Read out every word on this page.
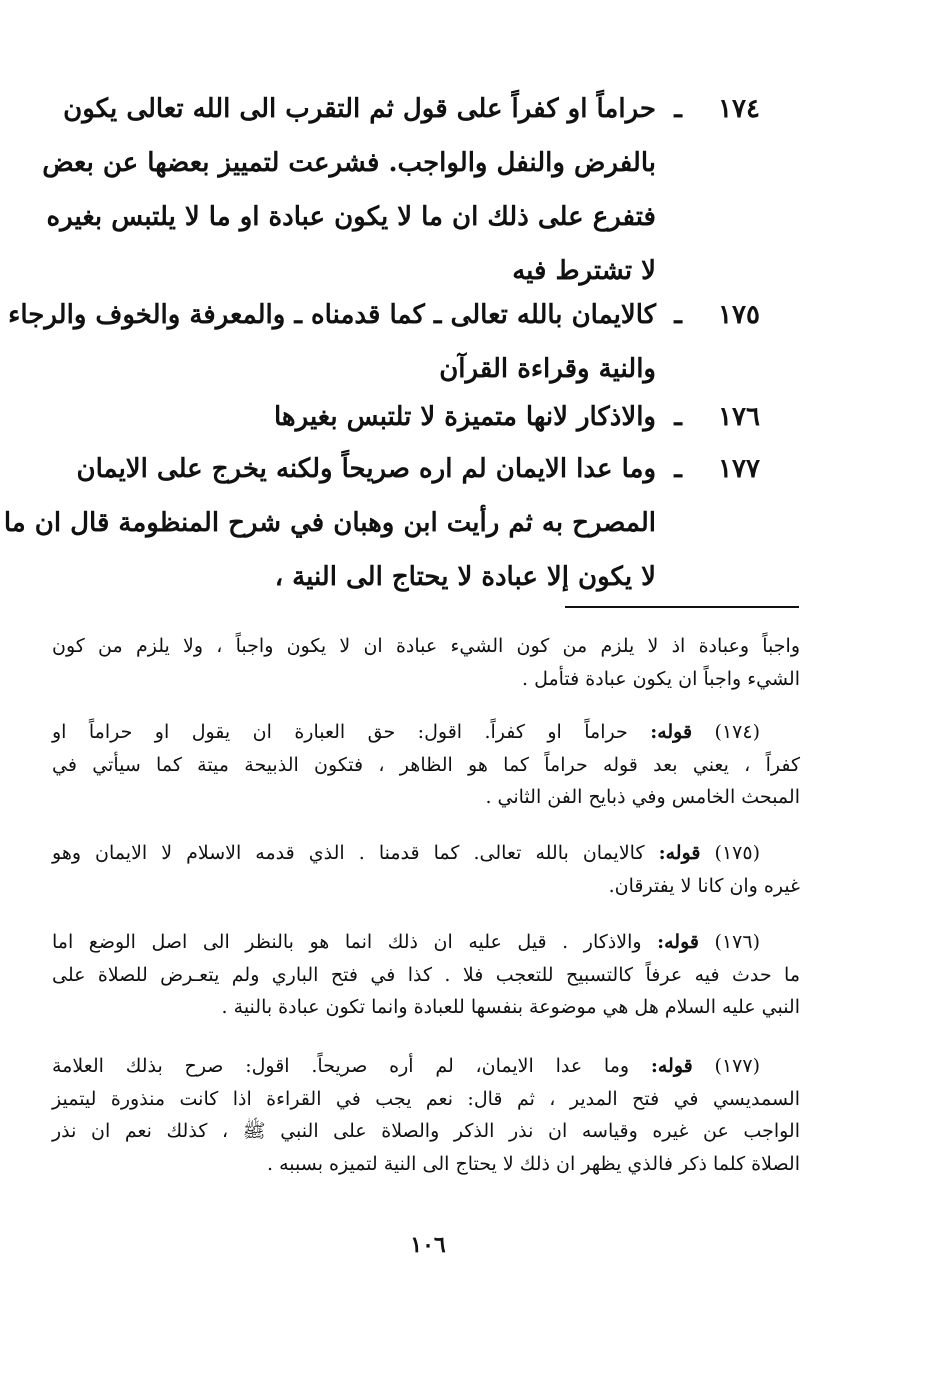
١٧٤
ـ
حراماً او كفراً على قول ثم التقرب الى الله تعالى يكون
بالفرض والنفل والواجب. فشرعت لتمييز بعضها عن بعض
فتفرع على ذلك ان ما لا يكون عبادة او ما لا يلتبس بغيره
لا تشترط فيه
١٧٥
ـ
كالايمان بالله تعالى ـ كما قدمناه ـ والمعرفة والخوف والرجاء
والنية وقراءة القرآن
١٧٦
ـ
والاذكار لانها متميزة لا تلتبس بغيرها
١٧٧
ـ
وما عدا الايمان لم اره صريحاً ولكنه يخرج على الايمان
المصرح به ثم رأيت ابن وهبان في شرح المنظومة قال ان ما
لا يكون إلا عبادة لا يحتاج الى النية ،
واجباً وعبادة اذ لا يلزم من كون الشيء عبادة ان لا يكون واجباً ، ولا يلزم من كون
الشيء واجباً ان يكون عبادة فتأمل .
(١٧٤) قوله: حراماً او كفراً. اقول: حق العبارة ان يقول او حراماً او
كفراً ، يعني بعد قوله حراماً كما هو الظاهر ، فتكون الذبيحة ميتة كما سيأتي في
المبحث الخامس وفي ذبايح الفن الثاني .
(١٧٥) قوله: كالايمان بالله تعالى. كما قدمنا . الذي قدمه الاسلام لا الايمان وهو
غيره وان كانا لا يفترقان.
(١٧٦) قوله: والاذكار . قيل عليه ان ذلك انما هو بالنظر الى اصل الوضع اما
ما حدث فيه عرفاً كالتسبيح للتعجب فلا . كذا في فتح الباري ولم يتعـرض للصلاة على
النبي عليه السلام هل هي موضوعة بنفسها للعبادة وانما تكون عبادة بالنية .
(١٧٧) قوله: وما عدا الايمان، لم أره صريحاً. اقول: صرح بذلك العلامة
السمديسي في فتح المدير ، ثم قال: نعم يجب في القراءة اذا كانت منذورة ليتميز
الواجب عن غيره وقياسه ان نذر الذكر والصلاة على النبي ﷺ ، كذلك نعم ان نذر
الصلاة كلما ذكر فالذي يظهر ان ذلك لا يحتاج الى النية لتميزه بسببه .
١٠٦
